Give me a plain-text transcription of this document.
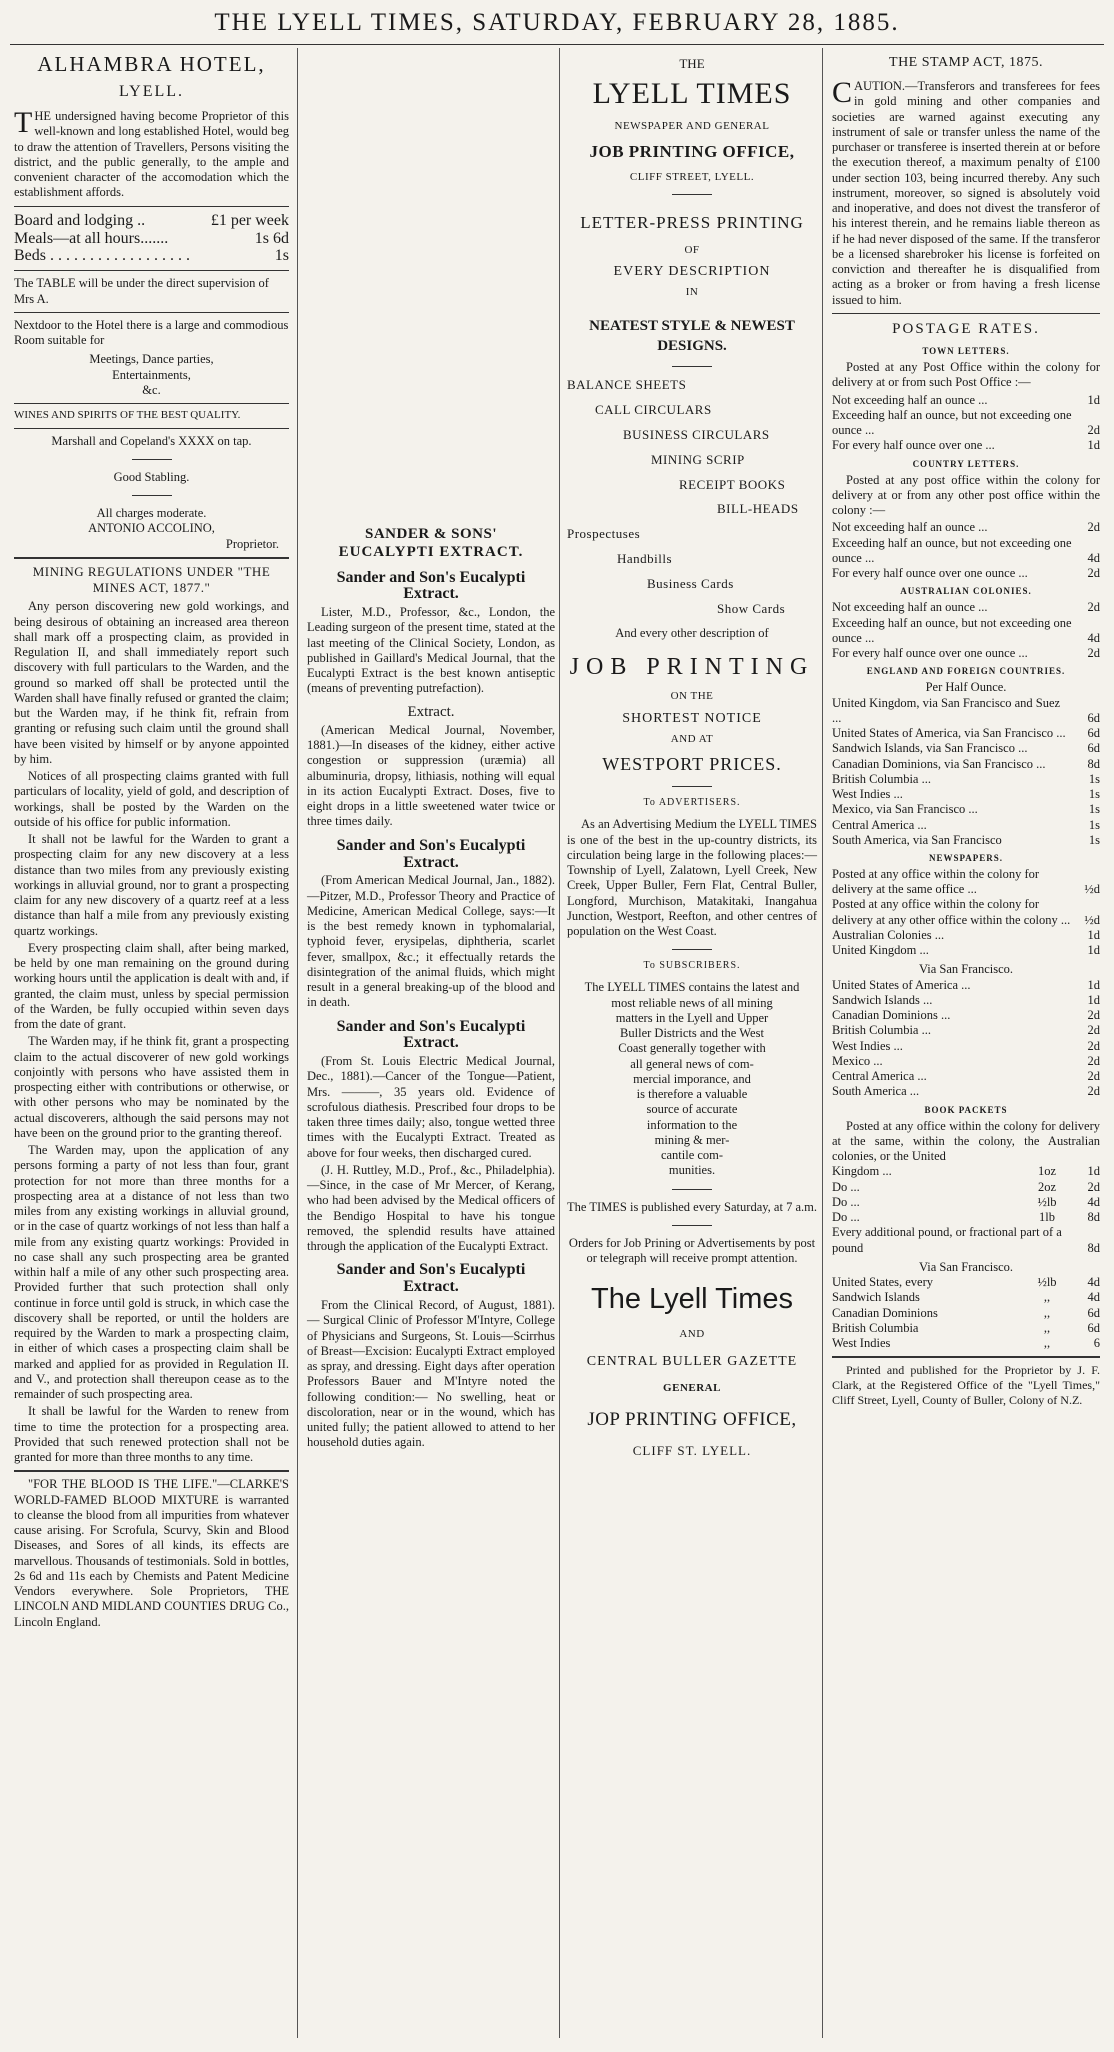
THE LYELL TIMES, SATURDAY, FEBRUARY 28, 1885.
ALHAMBRA HOTEL,
LYELL.

THE undersigned having become Proprietor of this well-known and long established Hotel, would beg to draw the attention of Travellers, Persons visiting the district, and the public generally, to the ample and convenient character of the accomodation which the establishment affords.

Board and lodging ..	£1 per week
Meals—at all hours.......	1s 6d
Beds . . . . . . . . . . . . . . . . . .	1s

The TABLE will be under the direct supervision of Mrs A.

Nextdoor to the Hotel there is a large and commodious Room suitable for

Meetings, Dance parties,
Entertainments,
&c.

WINES AND SPIRITS OF THE BEST QUALITY.

Marshall and Copeland's XXXX on tap.

Good Stabling.

All charges moderate.

ANTONIO ACCOLINO,

Proprietor.

MINING REGULATIONS UNDER "THE MINES ACT, 1877."

Any person discovering new gold workings, and being desirous of obtaining an increased area thereon shall mark off a prospecting claim, as provided in Regulation II, and shall immediately report such discovery with full particulars to the Warden, and the ground so marked off shall be protected until the Warden shall have finally refused or granted the claim; but the Warden may, if he think fit, refrain from granting or refusing such claim until the ground shall have been visited by himself or by anyone appointed by him.

Notices of all prospecting claims granted with full particulars of locality, yield of gold, and description of workings, shall be posted by the Warden on the outside of his office for public information.

It shall not be lawful for the Warden to grant a prospecting claim for any new discovery at a less distance than two miles from any previously existing workings in alluvial ground, nor to grant a prospecting claim for any new discovery of a quartz reef at a less distance than half a mile from any previously existing quartz workings.

Every prospecting claim shall, after being marked, be held by one man remaining on the ground during working hours until the application is dealt with and, if granted, the claim must, unless by special permission of the Warden, be fully occupied within seven days from the date of grant.

The Warden may, if he think fit, grant a prospecting claim to the actual discoverer of new gold workings conjointly with persons who have assisted them in prospecting either with contributions or otherwise, or with other persons who may be nominated by the actual discoverers, although the said persons may not have been on the ground prior to the granting thereof.

The Warden may, upon the application of any persons forming a party of not less than four, grant protection for not more than three months for a prospecting area at a distance of not less than two miles from any existing workings in alluvial ground, or in the case of quartz workings of not less than half a mile from any existing quartz workings: Provided in no case shall any such prospecting area be granted within half a mile of any other such prospecting area. Provided further that such protection shall only continue in force until gold is struck, in which case the discovery shall be reported, or until the holders are required by the Warden to mark a prospecting claim, in either of which cases a prospecting claim shall be marked and applied for as provided in Regulation II. and V., and protection shall thereupon cease as to the remainder of such prospecting area.

It shall be lawful for the Warden to renew from time to time the protection for a prospecting area. Provided that such renewed protection shall not be granted for more than three months to any time.

"FOR THE BLOOD IS THE LIFE."—CLARKE'S WORLD-FAMED BLOOD MIXTURE is warranted to cleanse the blood from all impurities from whatever cause arising. For Scrofula, Scurvy, Skin and Blood Diseases, and Sores of all kinds, its effects are marvellous. Thousands of testimonials. Sold in bottles, 2s 6d and 11s each by Chemists and Patent Medicine Vendors everywhere. Sole Proprietors, THE LINCOLN AND MIDLAND COUNTIES DRUG Co., Lincoln England.

SANDER & SONS'
EUCALYPTI EXTRACT.
Sander and Son's Eucalypti Extract.

Lister, M.D., Professor, &c., London, the Leading surgeon of the present time, stated at the last meeting of the Clinical Society, London, as published in Gaillard's Medical Journal, that the Eucalypti Extract is the best known antiseptic (means of preventing putrefaction).

Extract.

(American Medical Journal, November, 1881.)—In diseases of the kidney, either active congestion or suppression (uræmia) all albuminuria, dropsy, lithiasis, nothing will equal in its action Eucalypti Extract. Doses, five to eight drops in a little sweetened water twice or three times daily.

Sander and Son's Eucalypti Extract.

(From American Medical Journal, Jan., 1882).—Pitzer, M.D., Professor Theory and Practice of Medicine, American Medical College, says:—It is the best remedy known in typhomalarial, typhoid fever, erysipelas, diphtheria, scarlet fever, smallpox, &c.; it effectually retards the disintegration of the animal fluids, which might result in a general breaking-up of the blood and in death.

Sander and Son's Eucalypti Extract.

(From St. Louis Electric Medical Journal, Dec., 1881).—Cancer of the Tongue—Patient, Mrs. ———, 35 years old. Evidence of scrofulous diathesis. Prescribed four drops to be taken three times daily; also, tongue wetted three times with the Eucalypti Extract. Treated as above for four weeks, then discharged cured.

(J. H. Ruttley, M.D., Prof., &c., Philadelphia).—Since, in the case of Mr Mercer, of Kerang, who had been advised by the Medical officers of the Bendigo Hospital to have his tongue removed, the splendid results have attained through the application of the Eucalypti Extract.

Sander and Son's Eucalypti Extract.

From the Clinical Record, of August, 1881). — Surgical Clinic of Professor M'Intyre, College of Physicians and Surgeons, St. Louis—Scirrhus of Breast—Excision: Eucalypti Extract employed as spray, and dressing. Eight days after operation Professors Bauer and M'Intyre noted the following condition:— No swelling, heat or discoloration, near or in the wound, which has united fully; the patient allowed to attend to her household duties again.

THE
LYELL TIMES
NEWSPAPER AND GENERAL
JOB PRINTING OFFICE,
CLIFF STREET, LYELL.
LETTER-PRESS PRINTING
OF
EVERY DESCRIPTION
IN
NEATEST STYLE & NEWEST DESIGNS.
BALANCE SHEETS
CALL CIRCULARS
BUSINESS CIRCULARS
MINING SCRIP
RECEIPT BOOKS
BILL-HEADS
Prospectuses
Handbills
Business Cards
Show Cards
And every other description of
JOB PRINTING
ON THE
SHORTEST NOTICE
AND AT
WESTPORT PRICES.
To ADVERTISERS.

As an Advertising Medium the LYELL TIMES is one of the best in the up-country districts, its circulation being large in the following places:—Township of Lyell, Zalatown, Lyell Creek, New Creek, Upper Buller, Fern Flat, Central Buller, Longford, Murchison, Matakitaki, Inangahua Junction, Westport, Reefton, and other centres of population on the West Coast.

To SUBSCRIBERS.
The LYELL TIMES contains the latest and
most reliable news of all mining
matters in the Lyell and Upper
Buller Districts and the West
Coast generally together with
all general news of com-
mercial imporance, and
is therefore a valuable
source of accurate
information to the
mining & mer-
cantile com-
munities.

The TIMES is published every Saturday, at 7 a.m.

Orders for Job Prining or Advertisements by post or telegraph will receive prompt attention.

The Lyell Times
AND
CENTRAL BULLER GAZETTE
GENERAL
JOP PRINTING OFFICE,
CLIFF ST. LYELL.
THE STAMP ACT, 1875.

CAUTION.—Transferors and transferees for fees in gold mining and other companies and societies are warned against executing any instrument of sale or transfer unless the name of the purchaser or transferee is inserted therein at or before the execution thereof, a maximum penalty of £100 under section 103, being incurred thereby. Any such instrument, moreover, so signed is absolutely void and inoperative, and does not divest the transferor of his interest therein, and he remains liable thereon as if he had never disposed of the same. If the transferor be a licensed sharebroker his license is forfeited on conviction and thereafter he is disqualified from acting as a broker or from having a fresh license issued to him.

POSTAGE RATES.
TOWN LETTERS.

Posted at any Post Office within the colony for delivery at or from such Post Office :—

Not exceeding half an ounce ...	1d
Exceeding half an ounce, but not exceeding one ounce ...	2d
For every half ounce over one ...	1d
COUNTRY LETTERS.

Posted at any post office within the colony for delivery at or from any other post office within the colony :—

Not exceeding half an ounce ...	2d
Exceeding half an ounce, but not exceeding one ounce ...	4d
For every half ounce over one ounce ...	2d
AUSTRALIAN COLONIES.
Not exceeding half an ounce ...	2d
Exceeding half an ounce, but not exceeding one ounce ...	4d
For every half ounce over one ounce ...	2d
ENGLAND AND FOREIGN COUNTRIES.
Per Half Ounce.
United Kingdom, via San Francisco and Suez ...	6d
United States of America, via San Francisco ...	6d
Sandwich Islands, via San Francisco ...	6d
Canadian Dominions, via San Francisco ...	8d
British Columbia ...	1s
West Indies ...	1s
Mexico, via San Francisco ...	1s
Central America ...	1s
South America, via San Francisco	1s
NEWSPAPERS.
Posted at any office within the colony for delivery at the same office ...	½d
Posted at any office within the colony for delivery at any other office within the colony ...	½d
Australian Colonies ...	1d
United Kingdom ...	1d
Via San Francisco.
United States of America ...	1d
Sandwich Islands ...	1d
Canadian Dominions ...	2d
British Columbia ...	2d
West Indies ...	2d
Mexico ...	2d
Central America ...	2d
South America ...	2d
BOOK PACKETS

Posted at any office within the colony for delivery at the same, within the colony, the Australian colonies, or the United

Kingdom ...	1oz	1d
Do ...	2oz	2d
Do ...	½lb	4d
Do ...	1lb	8d
Every additional pound, or fractional part of a pound	8d
Via San Francisco.
United States, every	½lb	4d
Sandwich Islands	,,	4d
Canadian Dominions	,,	6d
British Columbia	,,	6d
West Indies	,,	6

Printed and published for the Proprietor by J. F. Clark, at the Registered Office of the "Lyell Times," Cliff Street, Lyell, County of Buller, Colony of N.Z.
